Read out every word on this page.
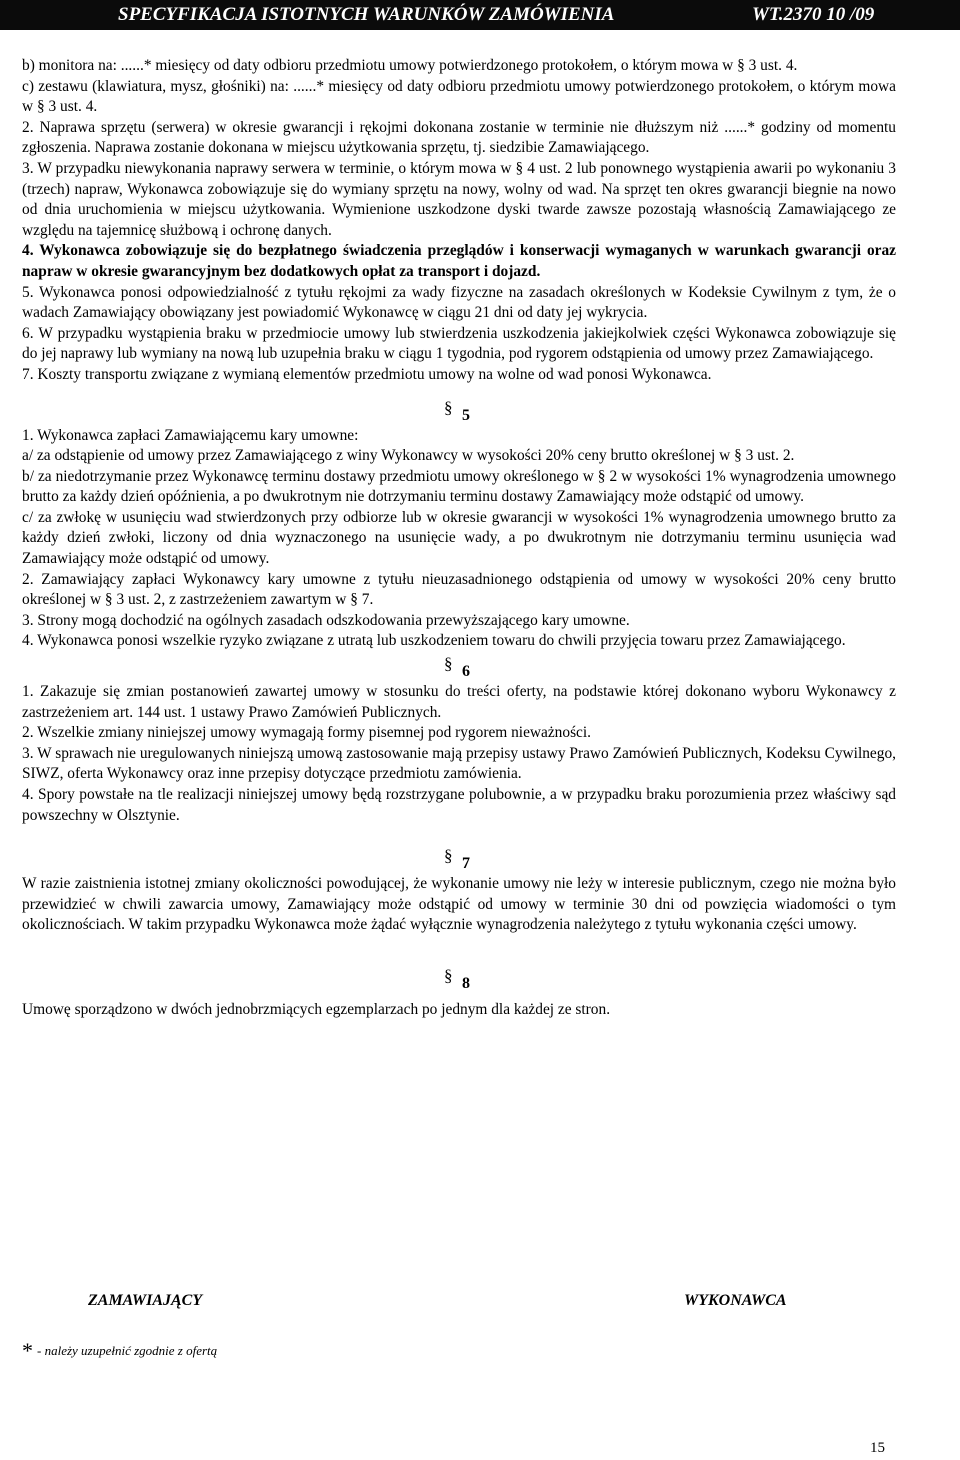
SPECYFIKACJA ISTOTNYCH WARUNKÓW ZAMÓWIENIA	WT.2370 10 /09

b) monitora na: ......* miesięcy od daty odbioru przedmiotu umowy potwierdzonego protokołem, o którym mowa w § 3 ust. 4.

c) zestawu (klawiatura, mysz, głośniki) na: ......* miesięcy od daty odbioru przedmiotu umowy potwierdzonego protokołem, o którym mowa w § 3 ust. 4.

2. Naprawa sprzętu (serwera) w okresie gwarancji i rękojmi dokonana zostanie w terminie nie dłuższym niż ......* godziny od momentu zgłoszenia. Naprawa zostanie dokonana w miejscu użytkowania sprzętu, tj. siedzibie Zamawiającego.

3. W przypadku niewykonania naprawy serwera w terminie, o którym mowa w § 4 ust. 2 lub ponownego wystąpienia awarii po wykonaniu 3 (trzech) napraw, Wykonawca zobowiązuje się do wymiany sprzętu na nowy, wolny od wad. Na sprzęt ten okres gwarancji biegnie na nowo od dnia uruchomienia w miejscu użytkowania. Wymienione uszkodzone dyski twarde zawsze pozostają własnością Zamawiającego ze względu na tajemnicę służbową i ochronę danych.

4. Wykonawca zobowiązuje się do bezpłatnego świadczenia przeglądów i konserwacji wymaganych w warunkach gwarancji oraz napraw w okresie gwarancyjnym bez dodatkowych opłat za transport i dojazd.

5. Wykonawca ponosi odpowiedzialność z tytułu rękojmi za wady fizyczne na zasadach określonych w Kodeksie Cywilnym z tym, że o wadach Zamawiający obowiązany jest powiadomić Wykonawcę w ciągu 21 dni od daty jej wykrycia.

6. W przypadku wystąpienia braku w przedmiocie umowy lub stwierdzenia uszkodzenia jakiejkolwiek części Wykonawca zobowiązuje się do jej naprawy lub wymiany na nową lub uzupełnia braku w ciągu 1 tygodnia, pod rygorem odstąpienia od umowy przez Zamawiającego.

7. Koszty transportu związane z wymianą elementów przedmiotu umowy na wolne od wad ponosi Wykonawca.

§ 5

1. Wykonawca zapłaci Zamawiającemu kary umowne:

a/ za odstąpienie od umowy przez Zamawiającego z winy Wykonawcy w wysokości 20% ceny brutto określonej w § 3 ust. 2.

b/ za niedotrzymanie przez Wykonawcę terminu dostawy przedmiotu umowy określonego w § 2 w wysokości 1% wynagrodzenia umownego brutto za każdy dzień opóźnienia, a po dwukrotnym nie dotrzymaniu terminu dostawy Zamawiający może odstąpić od umowy.

c/ za zwłokę w usunięciu wad stwierdzonych przy odbiorze lub w okresie gwarancji w wysokości 1% wynagrodzenia umownego brutto za każdy dzień zwłoki, liczony od dnia wyznaczonego na usunięcie wady, a po dwukrotnym nie dotrzymaniu terminu usunięcia wad Zamawiający może odstąpić od umowy.

2. Zamawiający zapłaci Wykonawcy kary umowne z tytułu nieuzasadnionego odstąpienia od umowy w wysokości 20% ceny brutto określonej w § 3 ust. 2, z zastrzeżeniem zawartym w § 7.

3. Strony mogą dochodzić na ogólnych zasadach odszkodowania przewyższającego kary umowne.

4. Wykonawca ponosi wszelkie ryzyko związane z utratą lub uszkodzeniem towaru do chwili przyjęcia towaru przez Zamawiającego.

§ 6

1. Zakazuje się zmian postanowień zawartej umowy w stosunku do treści oferty, na podstawie której dokonano wyboru Wykonawcy z zastrzeżeniem art. 144 ust. 1 ustawy Prawo Zamówień Publicznych.

2. Wszelkie zmiany niniejszej umowy wymagają formy pisemnej pod rygorem nieważności.

3. W sprawach nie uregulowanych niniejszą umową zastosowanie mają przepisy ustawy Prawo Zamówień Publicznych, Kodeksu Cywilnego, SIWZ, oferta Wykonawcy oraz inne przepisy dotyczące przedmiotu zamówienia.

4. Spory powstałe na tle realizacji niniejszej umowy będą rozstrzygane polubownie, a w przypadku braku porozumienia przez właściwy sąd powszechny w Olsztynie.

§ 7

W razie zaistnienia istotnej zmiany okoliczności powodującej, że wykonanie umowy nie leży w interesie publicznym, czego nie można było przewidzieć w chwili zawarcia umowy, Zamawiający może odstąpić od umowy w terminie 30 dni od powzięcia wiadomości o tym okolicznościach. W takim przypadku Wykonawca może żądać wyłącznie wynagrodzenia należytego z tytułu wykonania części umowy.

§ 8

Umowę sporządzono w dwóch jednobrzmiących egzemplarzach po jednym dla każdej ze stron.

ZAMAWIAJĄCY	WYKONAWCA
* - należy uzupełnić zgodnie z ofertą
15
